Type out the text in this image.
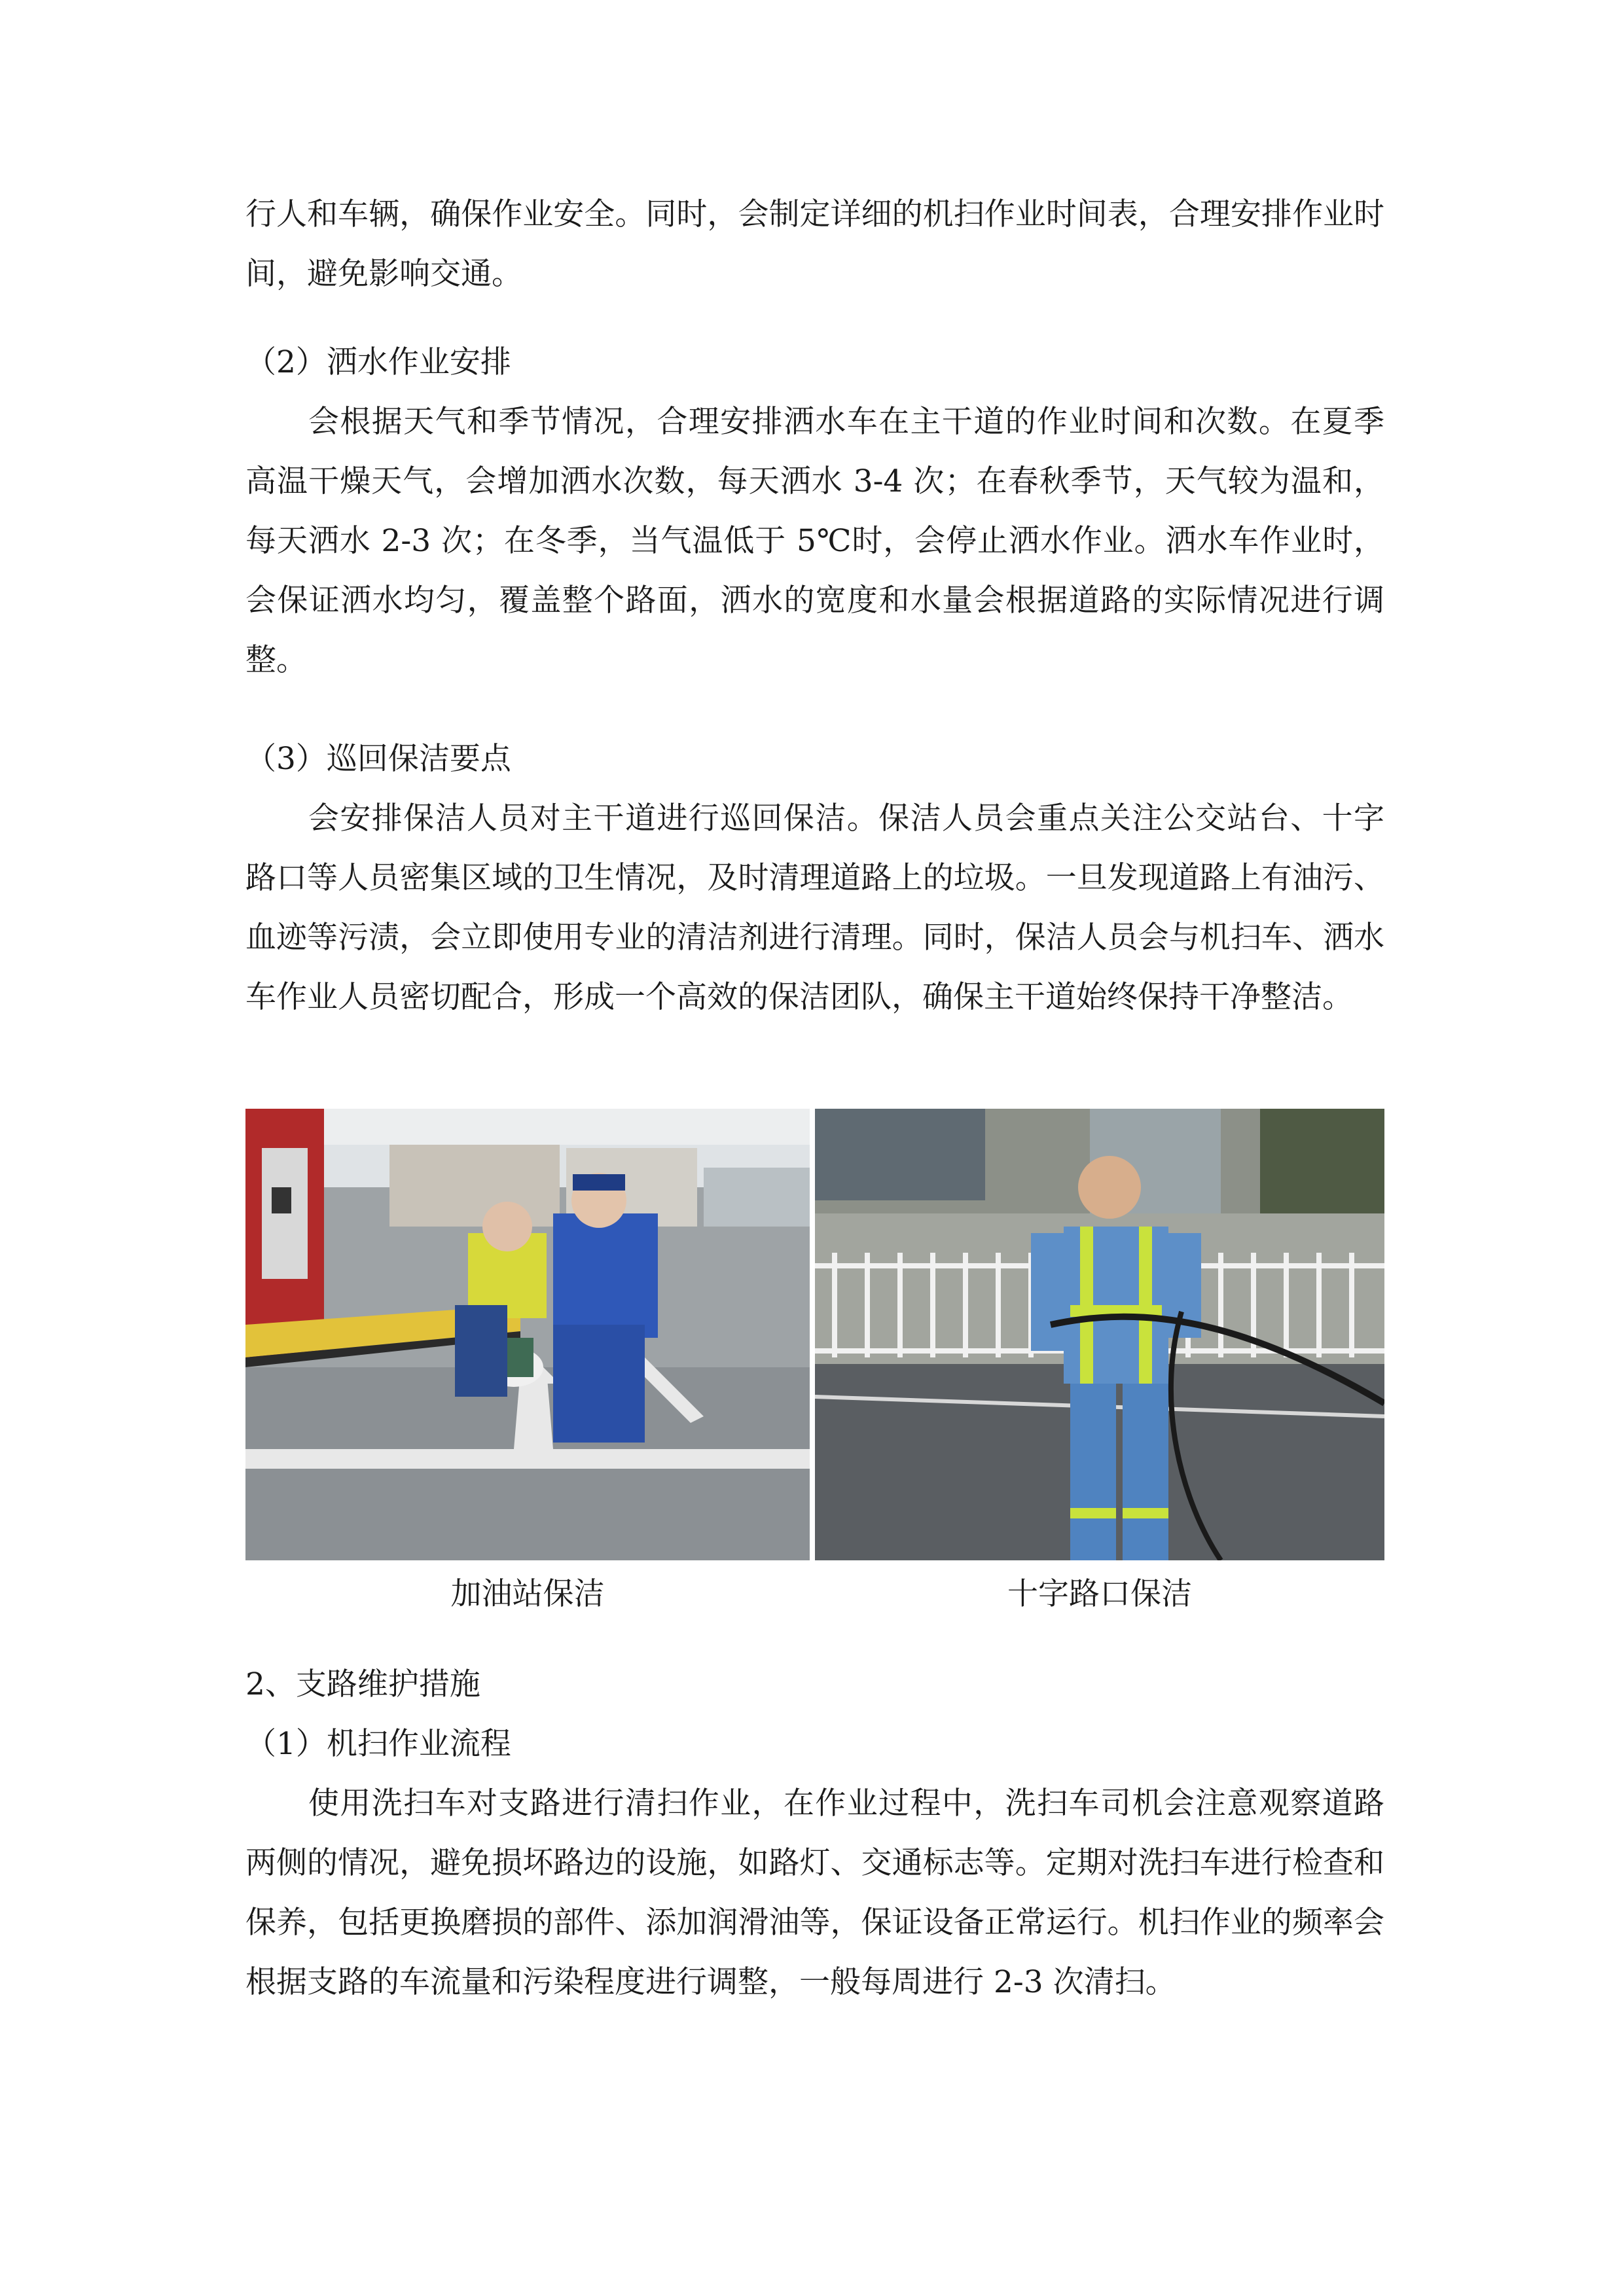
行人和车辆，确保作业安全。同时，会制定详细的机扫作业时间表，合理安排作业时间，避免影响交通。

（2）洒水作业安排

会根据天气和季节情况，合理安排洒水车在主干道的作业时间和次数。在夏季高温干燥天气，会增加洒水次数，每天洒水 3-4 次；在春秋季节，天气较为温和，每天洒水 2-3 次；在冬季，当气温低于 5℃时，会停止洒水作业。洒水车作业时，会保证洒水均匀，覆盖整个路面，洒水的宽度和水量会根据道路的实际情况进行调整。

（3）巡回保洁要点

会安排保洁人员对主干道进行巡回保洁。保洁人员会重点关注公交站台、十字路口等人员密集区域的卫生情况，及时清理道路上的垃圾。一旦发现道路上有油污、血迹等污渍，会立即使用专业的清洁剂进行清理。同时，保洁人员会与机扫车、洒水车作业人员密切配合，形成一个高效的保洁团队，确保主干道始终保持干净整洁。

加油站保洁	十字路口保洁

2、支路维护措施

（1）机扫作业流程

使用洗扫车对支路进行清扫作业，在作业过程中，洗扫车司机会注意观察道路两侧的情况，避免损坏路边的设施，如路灯、交通标志等。定期对洗扫车进行检查和保养，包括更换磨损的部件、添加润滑油等，保证设备正常运行。机扫作业的频率会根据支路的车流量和污染程度进行调整，一般每周进行 2-3 次清扫。
